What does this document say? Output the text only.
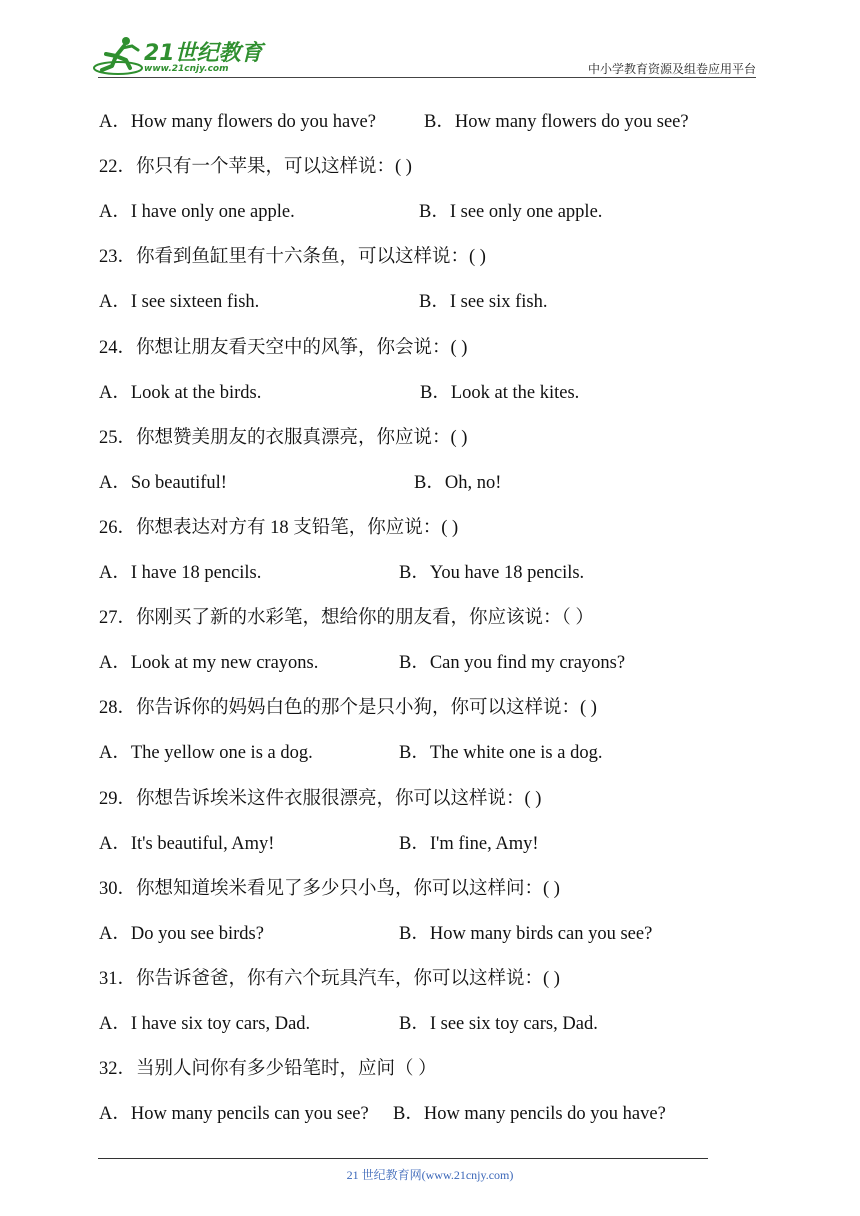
21世纪教育
www.21cnjy.com	中小学教育资源及组卷应用平台
A．How many flowers do you have?	B．How many flowers do you see?
22．你只有一个苹果，可以这样说：( )
A．I have only one apple.	B．I see only one apple.
23．你看到鱼缸里有十六条鱼，可以这样说：( )
A．I see sixteen fish.	B．I see six fish.
24．你想让朋友看天空中的风筝，你会说：( )
A．Look at the birds.	B．Look at the kites.
25．你想赞美朋友的衣服真漂亮，你应说：( )
A．So beautiful!	B．Oh, no!
26．你想表达对方有 18 支铅笔，你应说：( )
A．I have 18 pencils.	B．You have 18 pencils.
27．你刚买了新的水彩笔，想给你的朋友看，你应该说：（ ）
A．Look at my new crayons.	B．Can you find my crayons?
28．你告诉你的妈妈白色的那个是只小狗，你可以这样说：( )
A．The yellow one is a dog.	B．The white one is a dog.
29．你想告诉埃米这件衣服很漂亮，你可以这样说：( )
A．It's beautiful, Amy!	B．I'm fine, Amy!
30．你想知道埃米看见了多少只小鸟，你可以这样问：( )
A．Do you see birds?	B．How many birds can you see?
31．你告诉爸爸，你有六个玩具汽车，你可以这样说：( )
A．I have six toy cars, Dad.	B．I see six toy cars, Dad.
32．当别人问你有多少铅笔时，应问（ ）
A．How many pencils can you see? B．How many pencils do you have?
21 世纪教育网(www.21cnjy.com)
